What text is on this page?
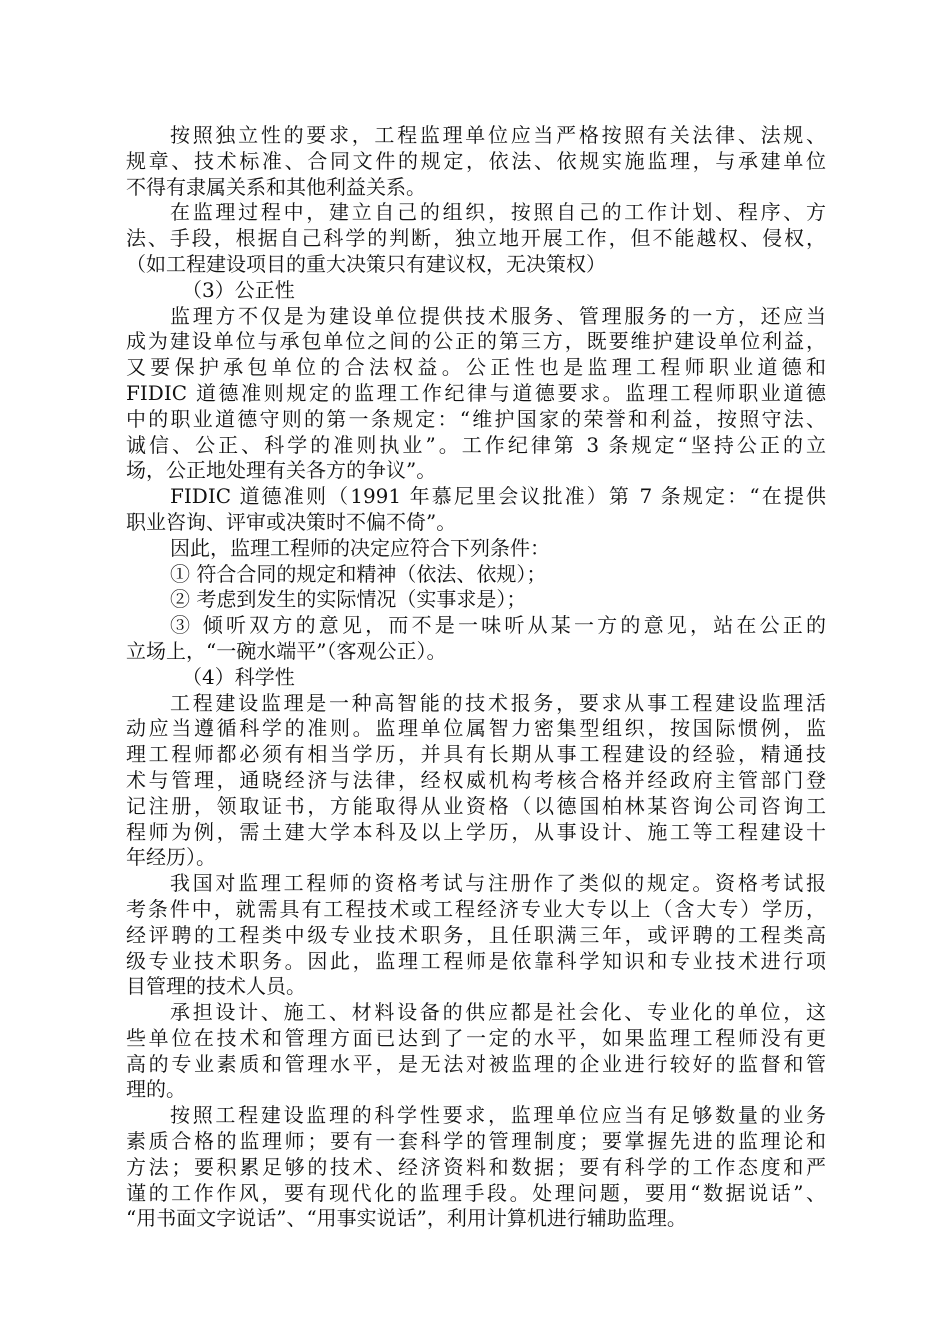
按照独立性的要求，工程监理单位应当严格按照有关法律、法规、
规章、技术标准、合同文件的规定，依法、依规实施监理，与承建单位
不得有隶属关系和其他利益关系。
在监理过程中，建立自己的组织，按照自己的工作计划、程序、方
法、手段，根据自己科学的判断，独立地开展工作，但不能越权、侵权，
（如工程建设项目的重大决策只有建议权，无决策权）
（3）公正性
监理方不仅是为建设单位提供技术服务、管理服务的一方，还应当
成为建设单位与承包单位之间的公正的第三方，既要维护建设单位利益，
又要保护承包单位的合法权益。公正性也是监理工程师职业道德和
FIDIC 道德准则规定的监理工作纪律与道德要求。监理工程师职业道德
中的职业道德守则的第一条规定：“维护国家的荣誉和利益，按照守法、
诚信、公正、科学的准则执业”。工作纪律第 3 条规定“坚持公正的立
场，公正地处理有关各方的争议”。
FIDIC 道德准则（1991 年慕尼里会议批准）第 7 条规定：“在提供
职业咨询、评审或决策时不偏不倚”。
因此，监理工程师的决定应符合下列条件：
① 符合合同的规定和精神（依法、依规）；
② 考虑到发生的实际情况（实事求是）；
③ 倾听双方的意见，而不是一味听从某一方的意见，站在公正的
立场上，“一碗水端平”（客观公正）。
（4）科学性
工程建设监理是一种高智能的技术报务，要求从事工程建设监理活
动应当遵循科学的准则。监理单位属智力密集型组织，按国际惯例，监
理工程师都必须有相当学历，并具有长期从事工程建设的经验，精通技
术与管理，通晓经济与法律，经权威机构考核合格并经政府主管部门登
记注册，领取证书，方能取得从业资格（以德国柏林某咨询公司咨询工
程师为例，需土建大学本科及以上学历，从事设计、施工等工程建设十
年经历）。
我国对监理工程师的资格考试与注册作了类似的规定。资格考试报
考条件中，就需具有工程技术或工程经济专业大专以上（含大专）学历，
经评聘的工程类中级专业技术职务，且任职满三年，或评聘的工程类高
级专业技术职务。因此，监理工程师是依靠科学知识和专业技术进行项
目管理的技术人员。
承担设计、施工、材料设备的供应都是社会化、专业化的单位，这
些单位在技术和管理方面已达到了一定的水平，如果监理工程师没有更
高的专业素质和管理水平，是无法对被监理的企业进行较好的监督和管
理的。
按照工程建设监理的科学性要求，监理单位应当有足够数量的业务
素质合格的监理师；要有一套科学的管理制度；要掌握先进的监理论和
方法；要积累足够的技术、经济资料和数据；要有科学的工作态度和严
谨的工作作风，要有现代化的监理手段。处理问题，要用“数据说话”、
“用书面文字说话”、“用事实说话”，利用计算机进行辅助监理。
